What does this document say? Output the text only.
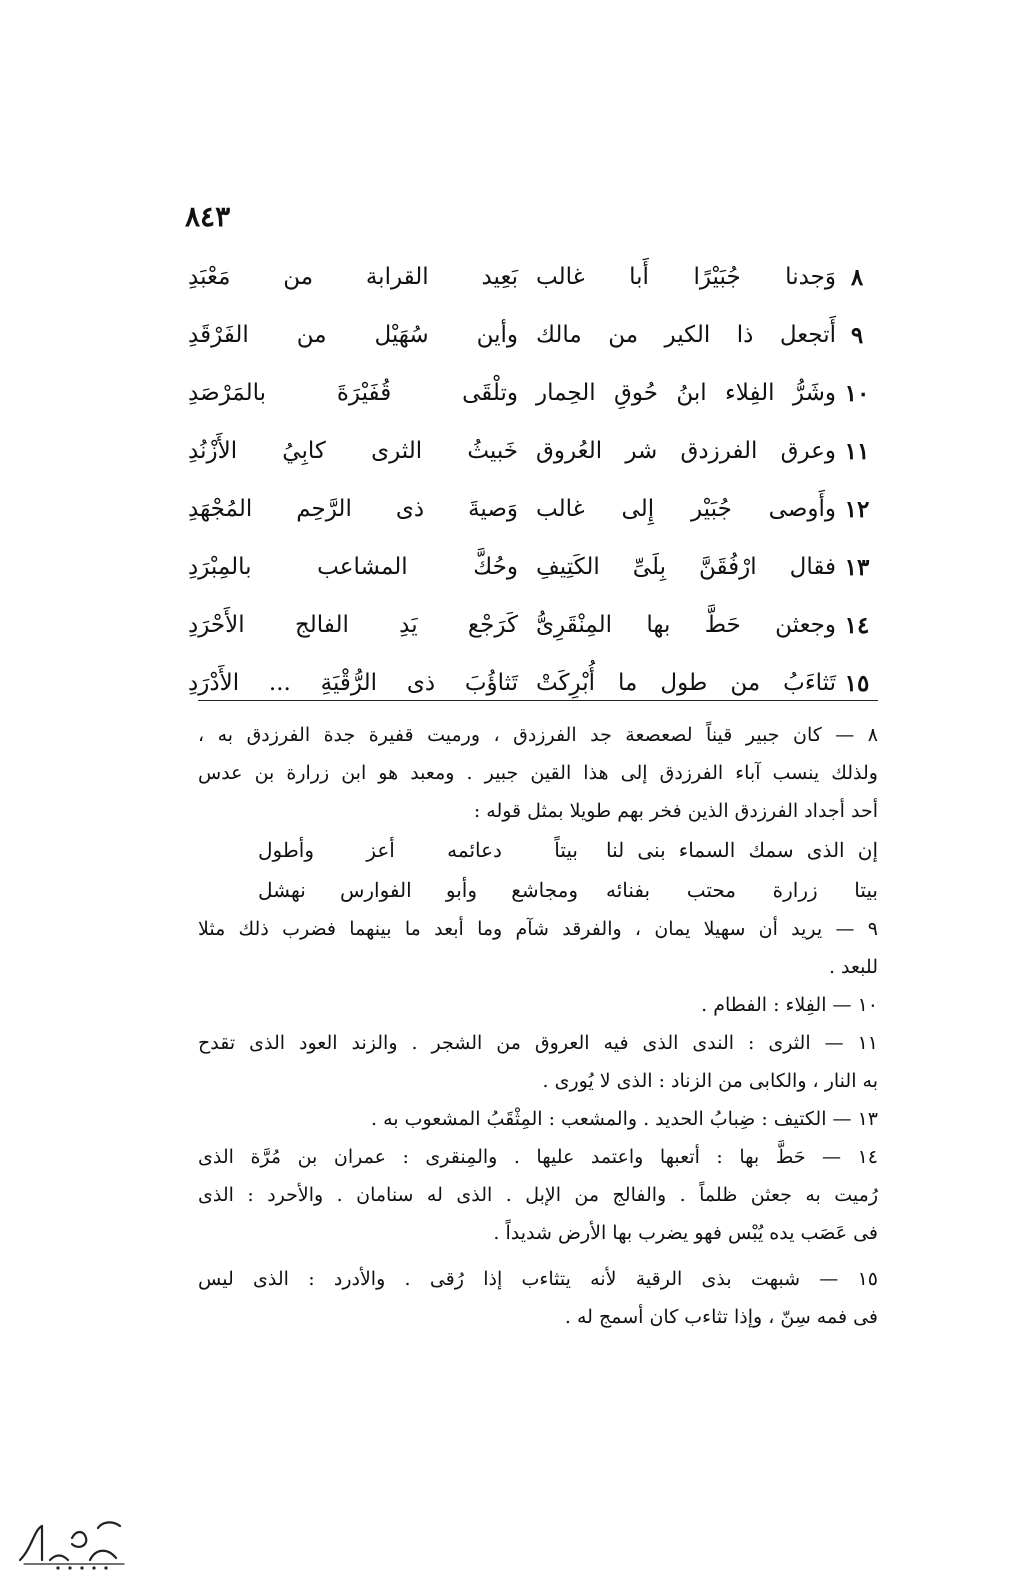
٨٤٣
٨
وَجدنا جُبَيْرًا أَبا غالب
بَعِيد القرابة من مَعْبَدِ
٩
أَتجعل ذا الكير من مالك
وأين سُهَيْل من الفَرْقَدِ
١٠
وشَرُّ الفِلاء ابنُ حُوقِ الحِمار
وتلْقَى قُفَيْرَةَ بالمَرْصَدِ
١١
وعرق الفرزدق شر العُروق
خَبيثُ الثرى كابِيُ الأَزْنُدِ
١٢
وأَوصى جُبَيْر إِلى غالب
وَصيةَ ذى الرَّحِم المُجْهَدِ
١٣
فقال ارْفُقَنَّ بِلَىِّ الكَتِيفِ
وحُكَّ المشاعب بالمِبْرَدِ
١٤
وجعثن حَطَّ بها المِنْقَرِىُّ
كَرَجْع يَدِ الفالج الأَحْرَدِ
١٥
تَثاءَبُ من طول ما أُبْرِكَتْ
تَثاؤُبَ ذى الرُّقْيَةِ ... الأَدْرَدِ
٨ — كان جبير قيناً لصعصعة جد الفرزدق ، ورميت قفيرة جدة الفرزدق به ،
ولذلك ينسب آباء الفرزدق إلى هذا القين جبير . ومعبد هو ابن زرارة بن عدس
أحد أجداد الفرزدق الذين فخر بهم طويلا بمثل قوله :
إن الذى سمك السماء بنى لنا
بيتاً دعائمه أعز وأطول
بيتا زرارة محتب بفنائه
ومجاشع وأبو الفوارس نهشل
٩ — يريد أن سهيلا يمان ، والفرقد شآم وما أبعد ما بينهما فضرب ذلك مثلا
للبعد .
١٠ — الفِلاء : الفطام .
١١ — الثرى : الندى الذى فيه العروق من الشجر . والزند العود الذى تقدح
به النار ، والكابى من الزناد : الذى لا يُورى .
١٣ — الكتيف : ضِبابُ الحديد . والمشعب : المِثْقَبُ المشعوب به .
١٤ — حَطَّ بها : أتعبها واعتمد عليها . والمِنقرى : عمران بن مُرَّة الذى
رُميت به جعثن ظلماً . والفالج من الإبل . الذى له سنامان . والأحرد : الذى
فى عَصَب يده يُبْس فهو يضرب بها الأرض شديداً .
١٥ — شبهت بذى الرقية لأنه يتثاءب إذا رُقى . والأدرد : الذى ليس
فى فمه سِنّ ، وإذا تثاءب كان أسمج له .
